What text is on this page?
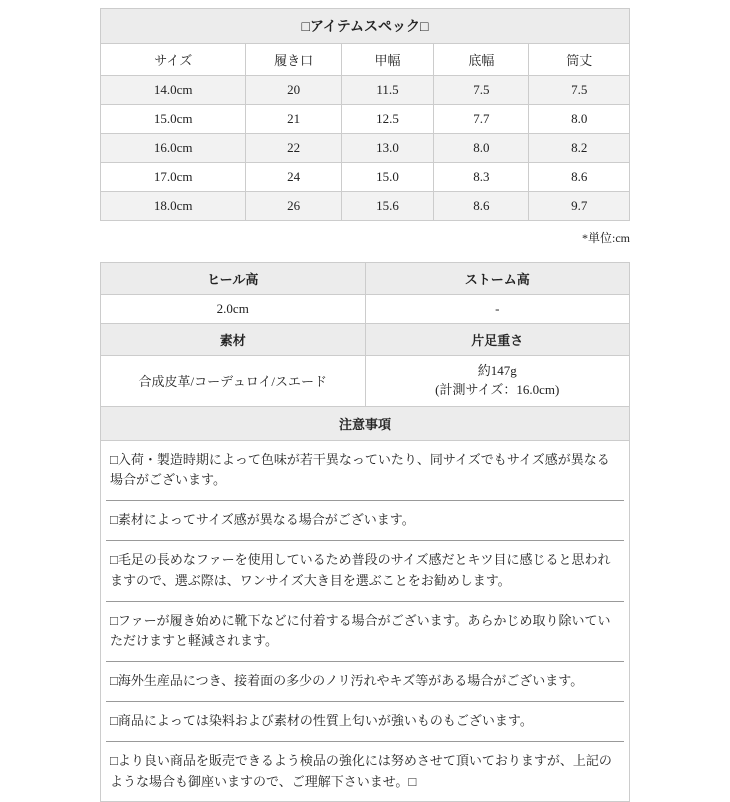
□アイテムスペック□				
サイズ	履き口	甲幅	底幅	筒丈
14.0cm	20	11.5	7.5	7.5
15.0cm	21	12.5	7.7	8.0
16.0cm	22	13.0	8.0	8.2
17.0cm	24	15.0	8.3	8.6
18.0cm	26	15.6	8.6	9.7
*単位:cm
ヒール高	ストーム高
2.0cm	-
素材	片足重さ
合成皮革/コーデュロイ/スエード	約147g
(計測サイズ：16.0cm)

注意事項	

□入荷・製造時期によって色味が若干異なっていたり、同サイズでもサイズ感が異なる場合がございます。
□素材によってサイズ感が異なる場合がございます。
□毛足の長めなファーを使用しているため普段のサイズ感だとキツ目に感じると思われますので、選ぶ際は、ワンサイズ大き目を選ぶことをお勧めします。
□ファーが履き始めに靴下などに付着する場合がございます。あらかじめ取り除いていただけますと軽減されます。
□海外生産品につき、接着面の多少のノリ汚れやキズ等がある場合がございます。
□商品によっては染料および素材の性質上匂いが強いものもございます。
□より良い商品を販売できるよう検品の強化には努めさせて頂いておりますが、上記のような場合も御座いますので、ご理解下さいませ。□
